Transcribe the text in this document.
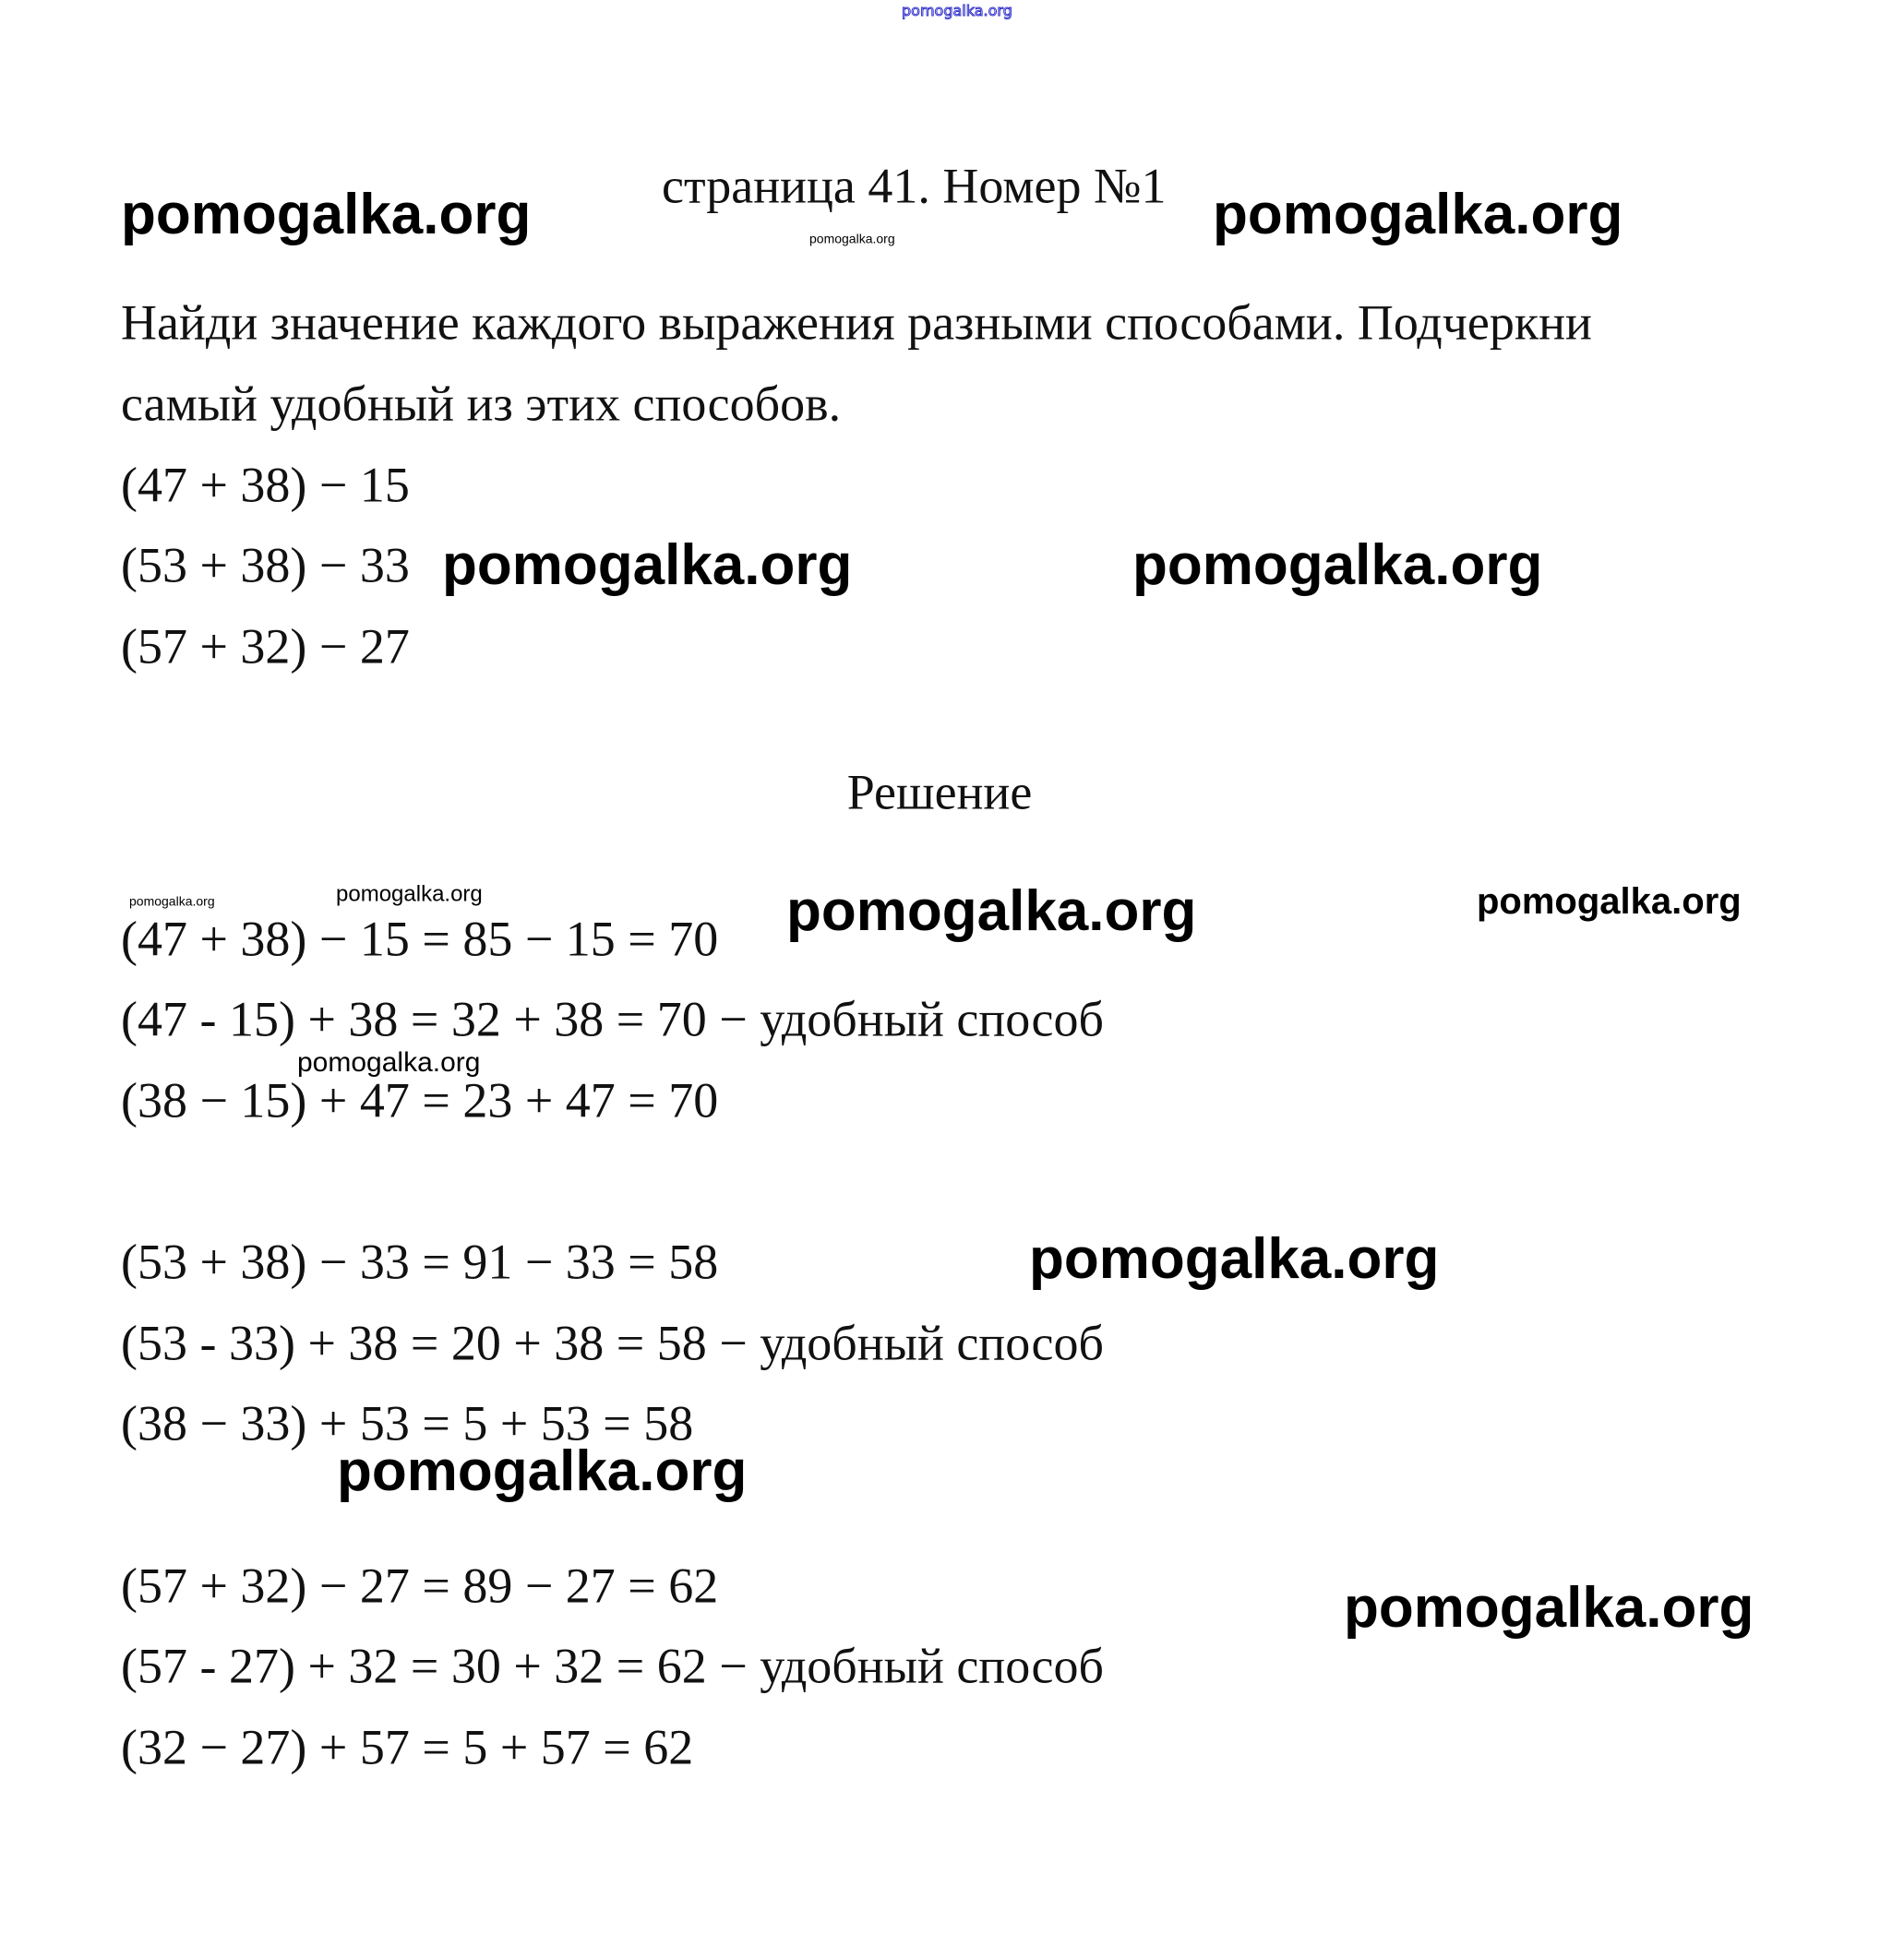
pomogalka.org
страница 41. Номер №1
pomogalka.org	pomogalka.org
pomogalka.org
Найди значение каждого выражения разными способами. Подчеркни
самый удобный из этих способов.
(47 + 38) − 15
(53 + 38) − 33
(57 + 32) − 27
pomogalka.org	pomogalka.org
Решение
pomogalka.org	pomogalka.org	pomogalka.org	pomogalka.org
(47 + 38) − 15 = 85 − 15 = 70
(47 - 15) + 38 = 32 + 38 = 70 − удобный способ
pomogalka.org
(38 − 15) + 47 = 23 + 47 = 70
(53 + 38) − 33 = 91 − 33 = 58	pomogalka.org
(53 - 33) + 38 = 20 + 38 = 58 − удобный способ
(38 − 33) + 53 = 5 + 53 = 58
pomogalka.org
(57 + 32) − 27 = 89 − 27 = 62	pomogalka.org
(57 - 27) + 32 = 30 + 32 = 62 − удобный способ
(32 − 27) + 57 = 5 + 57 = 62
